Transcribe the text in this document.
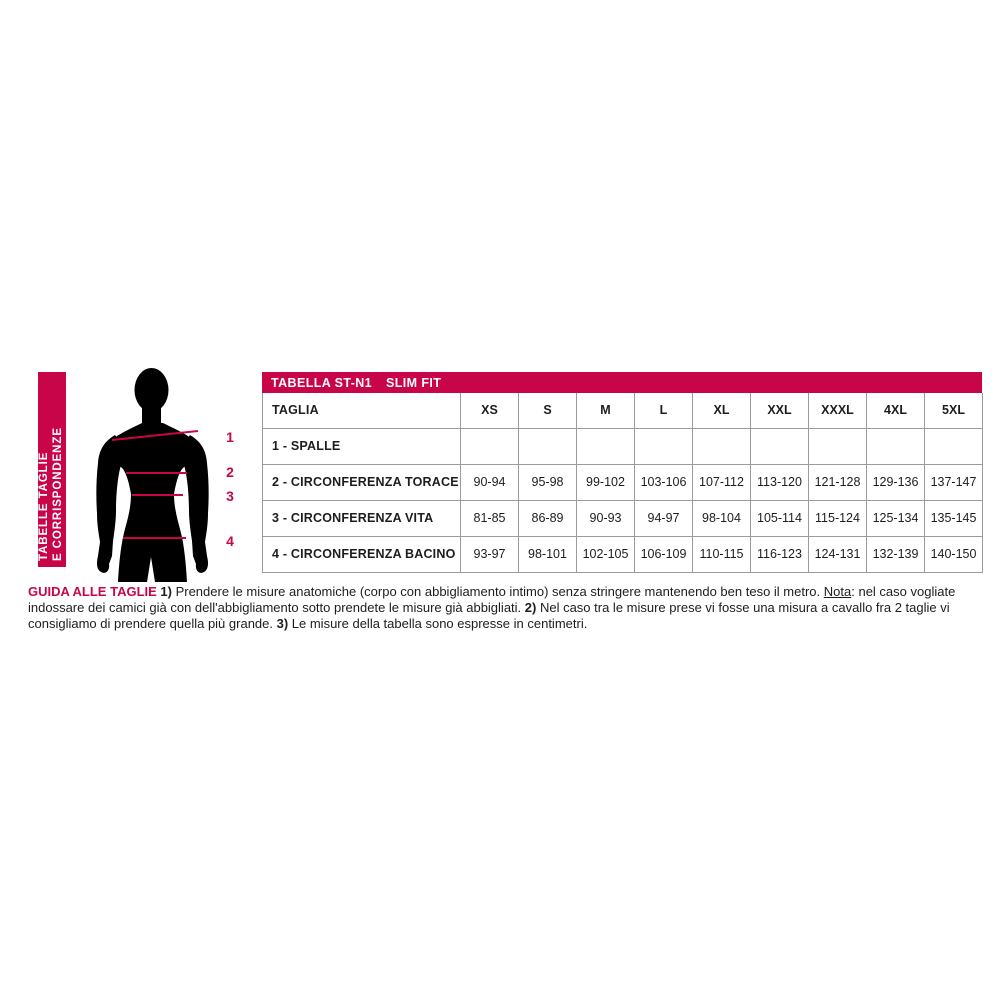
TABELLE TAGLIE E CORRISPONDENZE	1
2
3
4
TABELLA ST-N1 SLIM FIT
TAGLIA	XS	S	M	L	XL	XXL	XXXL	4XL	5XL
1 - SPALLE									
2 - CIRCONFERENZA TORACE	90-94	95-98	99-102	103-106	107-112	113-120	121-128	129-136	137-147
3 - CIRCONFERENZA VITA	81-85	86-89	90-93	94-97	98-104	105-114	115-124	125-134	135-145
4 - CIRCONFERENZA BACINO	93-97	98-101	102-105	106-109	110-115	116-123	124-131	132-139	140-150

GUIDA ALLE TAGLIE 1) Prendere le misure anatomiche (corpo con abbigliamento intimo) senza stringere mantenendo ben teso il metro. Nota: nel caso vogliate indossare dei camici già con dell'abbigliamento sotto prendete le misure già abbigliati. 2) Nel caso tra le misure prese vi fosse una misura a cavallo fra 2 taglie vi consigliamo di prendere quella più grande. 3) Le misure della tabella sono espresse in centimetri.
